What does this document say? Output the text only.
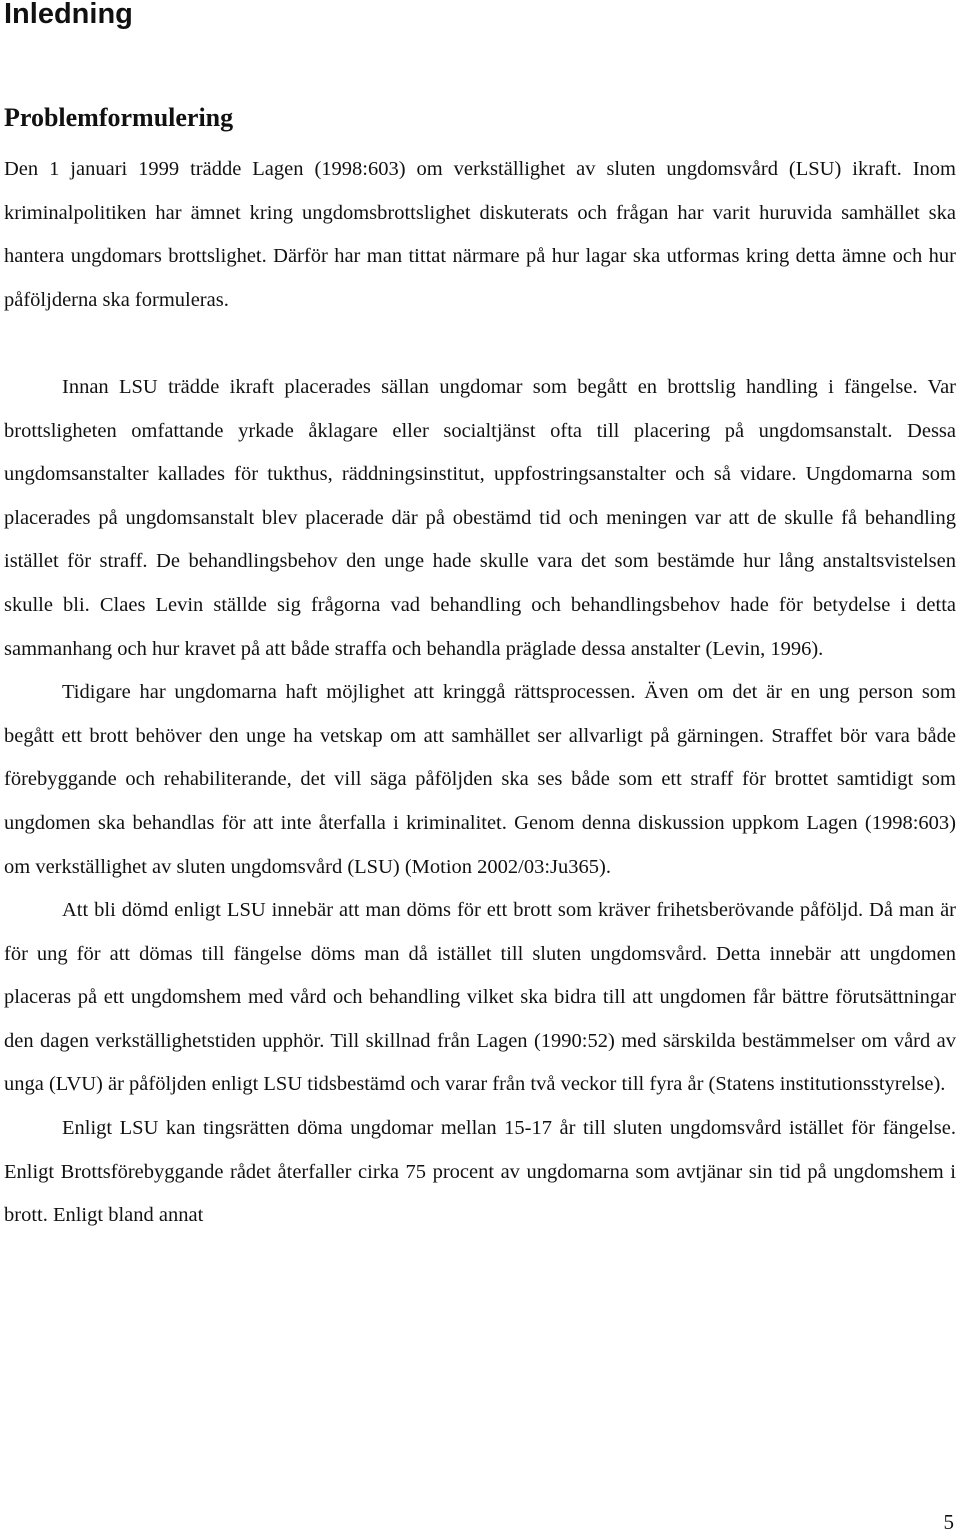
Inledning
Problemformulering

Den 1 januari 1999 trädde Lagen (1998:603) om verkställighet av sluten ungdomsvård (LSU) ikraft. Inom kriminalpolitiken har ämnet kring ungdomsbrottslighet diskuterats och frågan har varit huruvida samhället ska hantera ungdomars brottslighet. Därför har man tittat närmare på hur lagar ska utformas kring detta ämne och hur påföljderna ska formuleras.

Innan LSU trädde ikraft placerades sällan ungdomar som begått en brottslig handling i fängelse. Var brottsligheten omfattande yrkade åklagare eller socialtjänst ofta till placering på ungdomsanstalt. Dessa ungdomsanstalter kallades för tukthus, räddningsinstitut, uppfostringsanstalter och så vidare. Ungdomarna som placerades på ungdomsanstalt blev placerade där på obestämd tid och meningen var att de skulle få behandling istället för straff. De behandlingsbehov den unge hade skulle vara det som bestämde hur lång anstaltsvistelsen skulle bli. Claes Levin ställde sig frågorna vad behandling och behandlingsbehov hade för betydelse i detta sammanhang och hur kravet på att både straffa och behandla präglade dessa anstalter (Levin, 1996).

Tidigare har ungdomarna haft möjlighet att kringgå rättsprocessen. Även om det är en ung person som begått ett brott behöver den unge ha vetskap om att samhället ser allvarligt på gärningen. Straffet bör vara både förebyggande och rehabiliterande, det vill säga påföljden ska ses både som ett straff för brottet samtidigt som ungdomen ska behandlas för att inte återfalla i kriminalitet. Genom denna diskussion uppkom Lagen (1998:603) om verkställighet av sluten ungdomsvård (LSU) (Motion 2002/03:Ju365).

Att bli dömd enligt LSU innebär att man döms för ett brott som kräver frihetsberövande påföljd. Då man är för ung för att dömas till fängelse döms man då istället till sluten ungdomsvård. Detta innebär att ungdomen placeras på ett ungdomshem med vård och behandling vilket ska bidra till att ungdomen får bättre förutsättningar den dagen verkställighetstiden upphör. Till skillnad från Lagen (1990:52) med särskilda bestämmelser om vård av unga (LVU) är påföljden enligt LSU tidsbestämd och varar från två veckor till fyra år (Statens institutionsstyrelse).

Enligt LSU kan tingsrätten döma ungdomar mellan 15-17 år till sluten ungdomsvård istället för fängelse. Enligt Brottsförebyggande rådet återfaller cirka 75 procent av ungdomarna som avtjänar sin tid på ungdomshem i brott. Enligt bland annat

5
